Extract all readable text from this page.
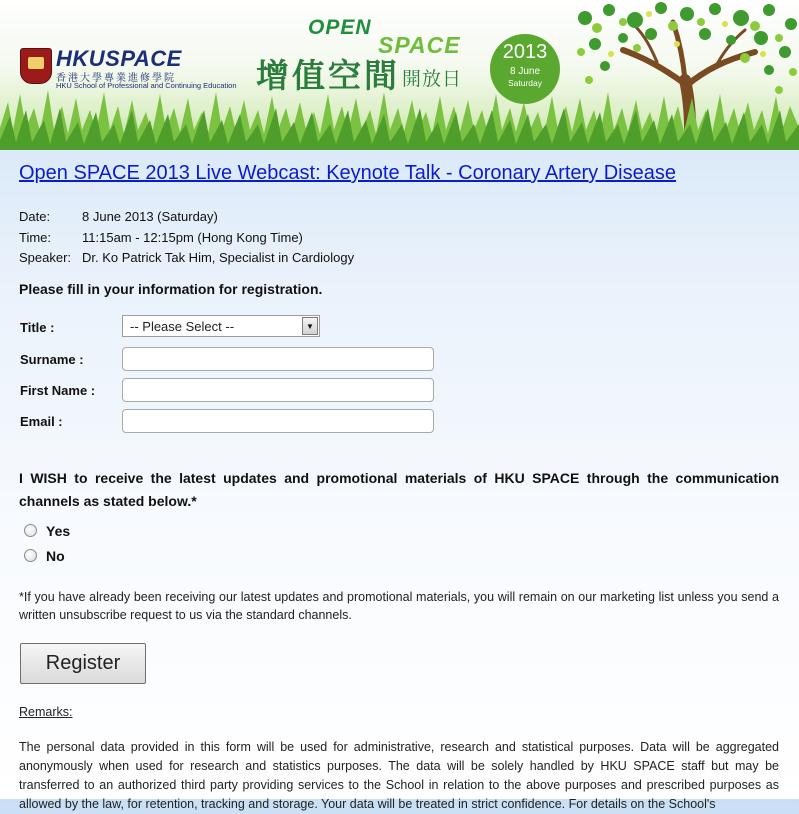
HKUSPACE
香港大學專業進修學院
HKU School of Professional and Continuing Education
OPEN
SPACE
增值空間 開放日
2013
8 June
Saturday
Open SPACE 2013 Live Webcast: Keynote Talk - Coronary Artery Disease
Date: 8 June 2013 (Saturday)
Time: 11:15am - 12:15pm (Hong Kong Time)
Speaker: Dr. Ko Patrick Tak Him, Specialist in Cardiology
Please fill in your information for registration.
Title :	-- Please Select --	▼
Surname :
First Name :
Email :
I WISH to receive the latest updates and promotional materials of HKU SPACE through the communication channels as stated below.*
Yes
No
*If you have already been receiving our latest updates and promotional materials, you will remain on our marketing list unless you send a written unsubscribe request to us via the standard channels.
Register
Remarks:
The personal data provided in this form will be used for administrative, research and statistical purposes. Data will be aggregated anonymously when used for research and statistics purposes. The data will be solely handled by HKU SPACE staff but may be transferred to an authorized third party providing services to the School in relation to the above purposes and prescribed purposes as allowed by the law, for retention, tracking and storage. Your data will be treated in strict confidence. For details on the School's
